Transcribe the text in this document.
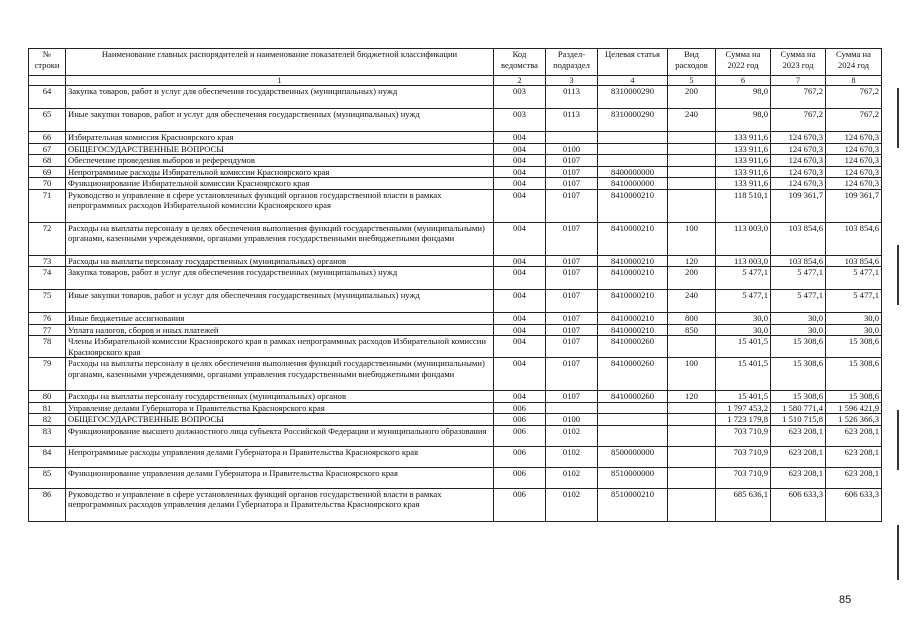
№ строки	Наименование главных распорядителей и наименование показателей бюджетной классификации	Код ведомства	Раздел-подраздел	Целевая статья	Вид расходов	Сумма на 2022 год	Сумма на 2023 год	Сумма на 2024 год
	1	2	3	4	5	6	7	8
64	Закупка товаров, работ и услуг для обеспечения государственных (муниципальных) нужд	003	0113	8310000290	200	98,0	767,2	767,2
65	Иные закупки товаров, работ и услуг для обеспечения государственных (муниципальных) нужд	003	0113	8310000290	240	98,0	767,2	767,2
66	Избирательная комиссия Красноярского края	004				133 911,6	124 670,3	124 670,3
67	ОБЩЕГОСУДАРСТВЕННЫЕ ВОПРОСЫ	004	0100			133 911,6	124 670,3	124 670,3
68	Обеспечение проведения выборов и референдумов	004	0107			133 911,6	124 670,3	124 670,3
69	Непрограммные расходы Избирательной комиссии Красноярского края	004	0107	8400000000		133 911,6	124 670,3	124 670,3
70	Функционирование Избирательной комиссии Красноярского края	004	0107	8410000000		133 911,6	124 670,3	124 670,3
71	Руководство и управление в сфере установленных функций органов государственной власти в рамках непрограммных расходов Избирательной комиссии Красноярского края	004	0107	8410000210		118 510,1	109 361,7	109 361,7
72	Расходы на выплаты персоналу в целях обеспечения выполнения функций государственными (муниципальными) органами, казенными учреждениями, органами управления государственными внебюджетными фондами	004	0107	8410000210	100	113 003,0	103 854,6	103 854,6
73	Расходы на выплаты персоналу государственных (муниципальных) органов	004	0107	8410000210	120	113 003,0	103 854,6	103 854,6
74	Закупка товаров, работ и услуг для обеспечения государственных (муниципальных) нужд	004	0107	8410000210	200	5 477,1	5 477,1	5 477,1
75	Иные закупки товаров, работ и услуг для обеспечения государственных (муниципальных) нужд	004	0107	8410000210	240	5 477,1	5 477,1	5 477,1
76	Иные бюджетные ассигнования	004	0107	8410000210	800	30,0	30,0	30,0
77	Уплата налогов, сборов и иных платежей	004	0107	8410000210	850	30,0	30,0	30,0
78	Члены Избирательной комиссии Красноярского края в рамках непрограммных расходов Избирательной комиссии Красноярского края	004	0107	8410000260		15 401,5	15 308,6	15 308,6
79	Расходы на выплаты персоналу в целях обеспечения выполнения функций государственными (муниципальными) органами, казенными учреждениями, органами управления государственными внебюджетными фондами	004	0107	8410000260	100	15 401,5	15 308,6	15 308,6
80	Расходы на выплаты персоналу государственных (муниципальных) органов	004	0107	8410000260	120	15 401,5	15 308,6	15 308,6
81	Управление делами Губернатора и Правительства Красноярского края	006				1 797 453,2	1 580 771,4	1 596 421,9
82	ОБЩЕГОСУДАРСТВЕННЫЕ ВОПРОСЫ	006	0100			1 723 179,8	1 510 715,8	1 526 366,3
83	Функционирование высшего должностного лица субъекта Российской Федерации и муниципального образования	006	0102			703 710,9	623 208,1	623 208,1
84	Непрограммные расходы управления делами Губернатора и Правительства Красноярского края	006	0102	8500000000		703 710,9	623 208,1	623 208,1
85	Функционирование управления делами Губернатора и Правительства Красноярского края	006	0102	8510000000		703 710,9	623 208,1	623 208,1
86	Руководство и управление в сфере установленных функций органов государственной власти в рамках непрограммных расходов управления делами Губернатора и Правительства Красноярского края	006	0102	8510000210		685 636,1	606 633,3	606 633,3
85
